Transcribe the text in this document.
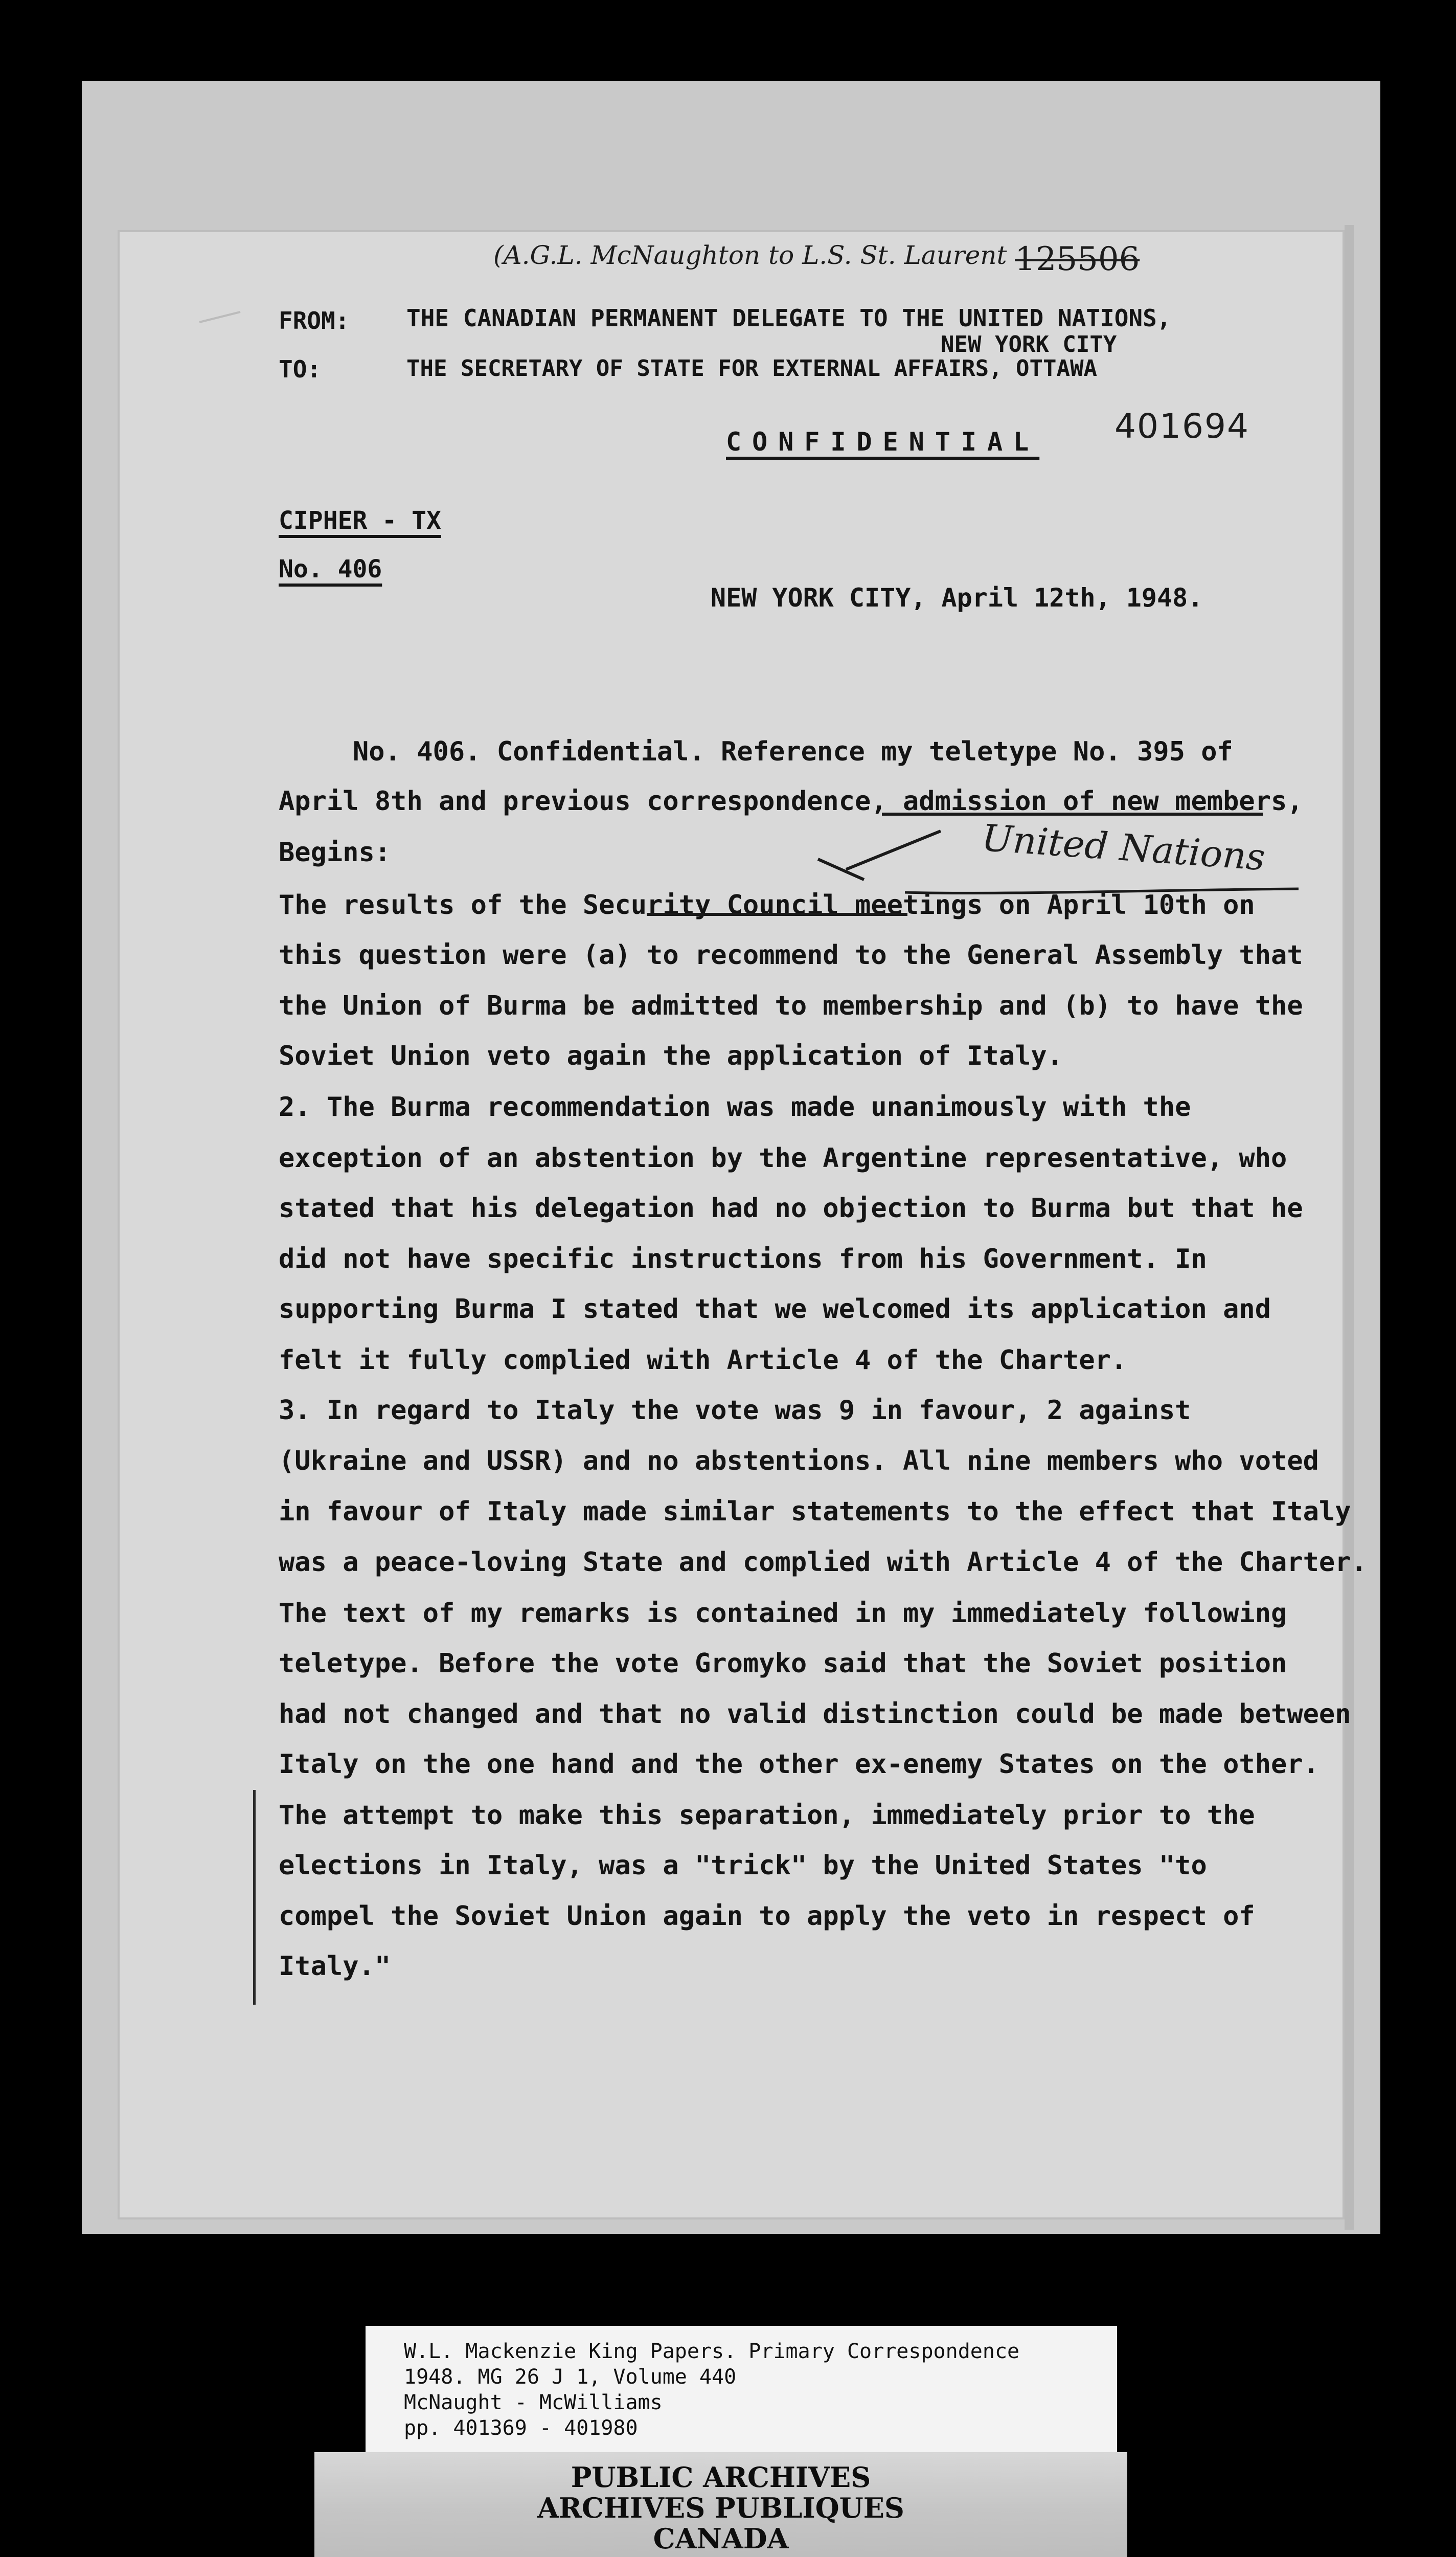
(A.G.L. McNaughton to L.S. St. Laurent 125506
FROM: THE CANADIAN PERMANENT DELEGATE TO THE UNITED NATIONS,
NEW YORK CITY
TO:	THE SECRETARY OF STATE FOR EXTERNAL AFFAIRS, OTTAWA
CONFIDENTIAL 401694
CIPHER - TX
No. 406
NEW YORK CITY, April 12th, 1948.
No. 406. Confidential. Reference my teletype No. 395 of
April 8th and previous correspondence, admission of new members,
Begins:
The results of the Security Council meetings on April 10th on
this question were (a) to recommend to the General Assembly that
the Union of Burma be admitted to membership and (b) to have the
Soviet Union veto again the application of Italy.
2. The Burma recommendation was made unanimously with the
exception of an abstention by the Argentine representative, who
stated that his delegation had no objection to Burma but that he
did not have specific instructions from his Government. In
supporting Burma I stated that we welcomed its application and
felt it fully complied with Article 4 of the Charter.
3. In regard to Italy the vote was 9 in favour, 2 against
(Ukraine and USSR) and no abstentions. All nine members who voted
in favour of Italy made similar statements to the effect that Italy
was a peace-loving State and complied with Article 4 of the Charter.
The text of my remarks is contained in my immediately following
teletype. Before the vote Gromyko said that the Soviet position
had not changed and that no valid distinction could be made between
Italy on the one hand and the other ex-enemy States on the other.
The attempt to make this separation, immediately prior to the
elections in Italy, was a "trick" by the United States "to
compel the Soviet Union again to apply the veto in respect of
Italy."
United Nations
W.L. Mackenzie King Papers. Primary Correspondence
1948. MG 26 J 1, Volume 440
McNaught - McWilliams
pp. 401369 - 401980
PUBLIC ARCHIVES
ARCHIVES PUBLIQUES
CANADA
